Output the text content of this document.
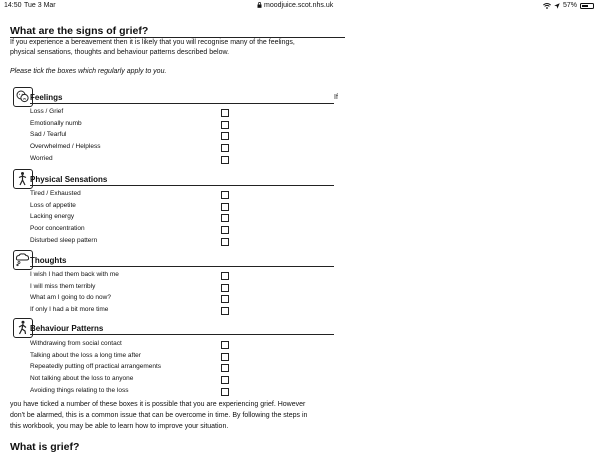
14:50 Tue 3 Mar	moodjuice.scot.nhs.uk	57%
What are the signs of grief?
If you experience a bereavement then it is likely that you will recognise many of the feelings,
physical sensations, thoughts and behaviour patterns described below.
Please tick the boxes which regularly apply to you.
If
you have ticked a number of these boxes it is possible that you are experiencing grief. However
don't be alarmed, this is a common issue that can be overcome in time. By following the steps in
this workbook, you may be able to learn how to improve your situation.
What is grief?
Feelings
Loss / Grief
Emotionally numb
Sad / Tearful
Overwhelmed / Helpless
Worried
Physical Sensations
Tired / Exhausted
Loss of appetite
Lacking energy
Poor concentration
Disturbed sleep pattern
Thoughts
I wish I had them back with me
I will miss them terribly
What am I going to do now?
If only I had a bit more time
Behaviour Patterns
Withdrawing from social contact
Talking about the loss a long time after
Repeatedly putting off practical arrangements
Not talking about the loss to anyone
Avoiding things relating to the loss
